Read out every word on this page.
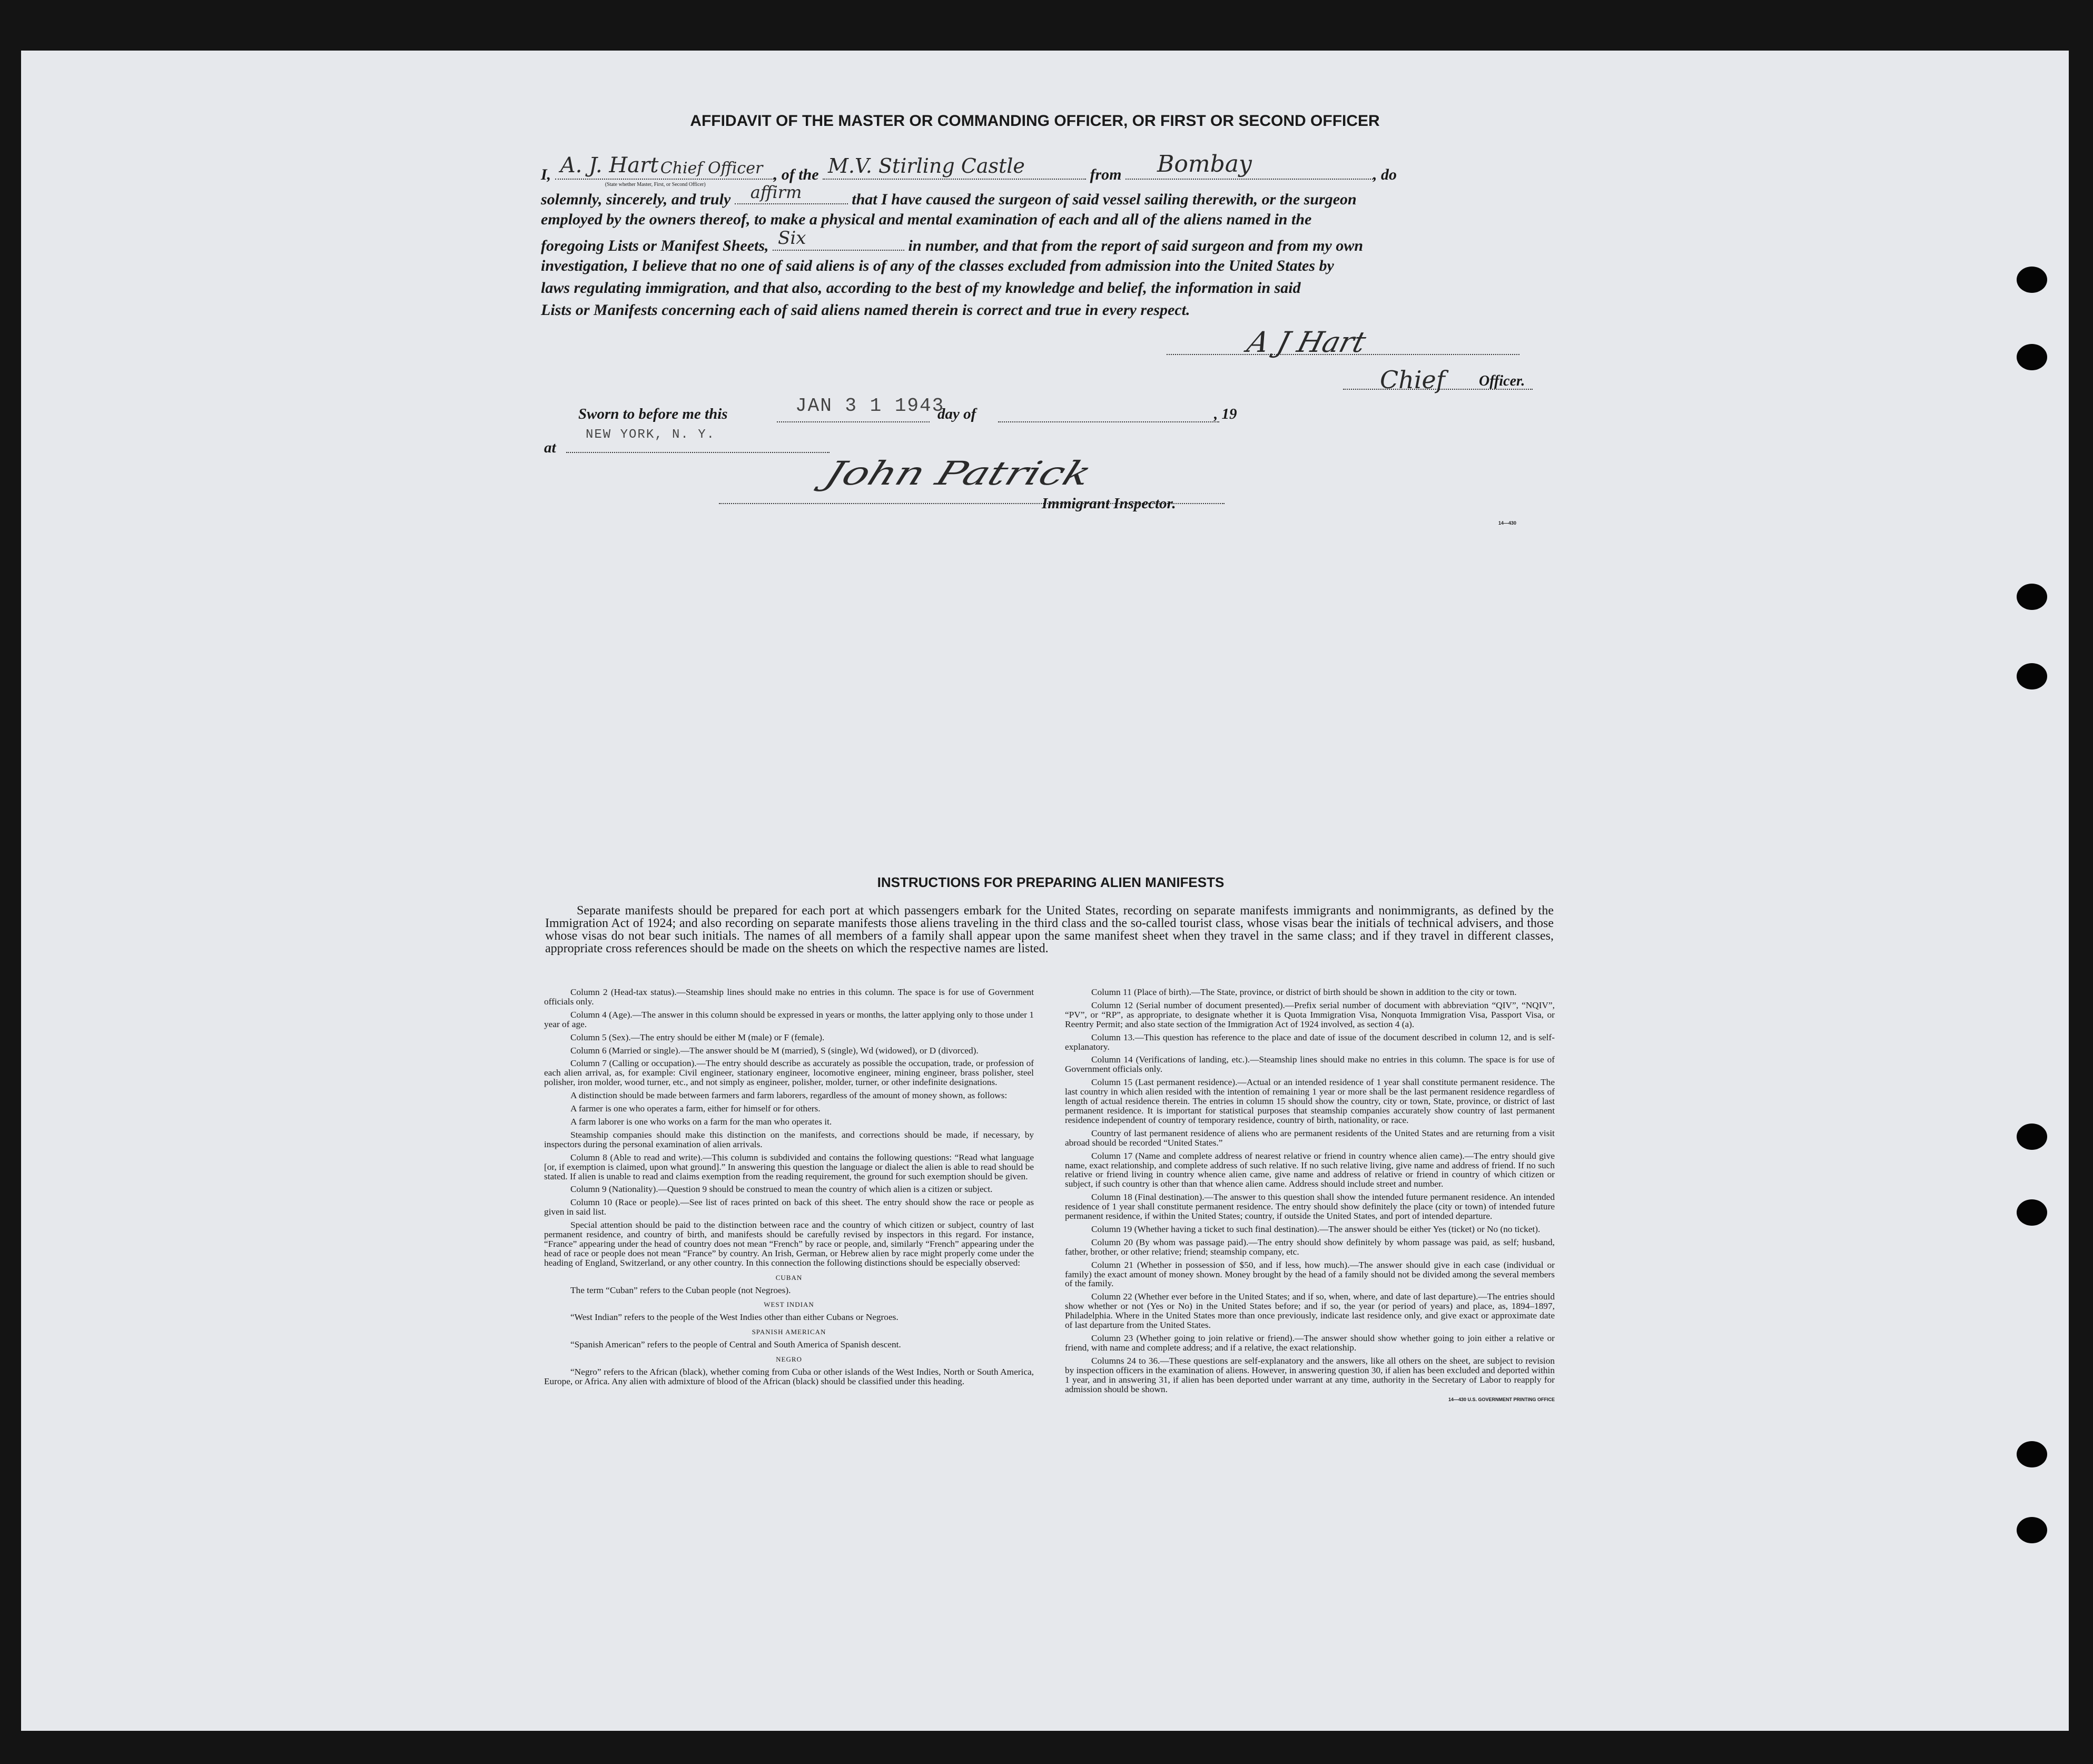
AFFIDAVIT OF THE MASTER OR COMMANDING OFFICER, OR FIRST OR SECOND OFFICER
I, A. J. Hart Chief Officer
(State whether Master, First, or Second Officer)
, of the M.V. Stirling Castle	from Bombay	, do
solemnly, sincerely, and truly affirm	that I have caused the surgeon of said vessel sailing therewith, or the surgeon
employed by the owners thereof, to make a physical and mental examination of each and all of the aliens named in the
foregoing Lists or Manifest Sheets, Six	in number, and that from the report of said surgeon and from my own
investigation, I believe that no one of said aliens is of any of the classes excluded from admission into the United States by
laws regulating immigration, and that also, according to the best of my knowledge and belief, the information in said
Lists or Manifests concerning each of said aliens named therein is correct and true in every respect.
A J Hart
Chief Officer.
Sworn to before me this	JAN 3 1 1943
day of	, 19
at
NEW YORK, N. Y.
John Patrick
Immigrant Inspector.
14—430
INSTRUCTIONS FOR PREPARING ALIEN MANIFESTS
Separate manifests should be prepared for each port at which passengers embark for the United States, recording on separate manifests immigrants and nonimmigrants, as defined by the Immigration Act of 1924; and also recording on separate manifests those aliens traveling in the third class and the so-called tourist class, whose visas bear the initials of technical advisers, and those whose visas do not bear such initials. The names of all members of a family shall appear upon the same manifest sheet when they travel in the same class; and if they travel in different classes, appropriate cross references should be made on the sheets on which the respective names are listed.

Column 2 (Head-tax status).—Steamship lines should make no entries in this column. The space is for use of Government officials only.

Column 4 (Age).—The answer in this column should be expressed in years or months, the latter applying only to those under 1 year of age.

Column 5 (Sex).—The entry should be either M (male) or F (female).

Column 6 (Married or single).—The answer should be M (married), S (single), Wd (widowed), or D (divorced).

Column 7 (Calling or occupation).—The entry should describe as accurately as possible the occupation, trade, or profession of each alien arrival, as, for example: Civil engineer, stationary engineer, locomotive engineer, mining engineer, brass polisher, steel polisher, iron molder, wood turner, etc., and not simply as engineer, polisher, molder, turner, or other indefinite designations.

A distinction should be made between farmers and farm laborers, regardless of the amount of money shown, as follows:

A farmer is one who operates a farm, either for himself or for others.

A farm laborer is one who works on a farm for the man who operates it.

Steamship companies should make this distinction on the manifests, and corrections should be made, if necessary, by inspectors during the personal examination of alien arrivals.

Column 8 (Able to read and write).—This column is subdivided and contains the following questions: “Read what language [or, if exemption is claimed, upon what ground].” In answering this question the language or dialect the alien is able to read should be stated. If alien is unable to read and claims exemption from the reading requirement, the ground for such exemption should be given.

Column 9 (Nationality).—Question 9 should be construed to mean the country of which alien is a citizen or subject.

Column 10 (Race or people).—See list of races printed on back of this sheet. The entry should show the race or people as given in said list.

Special attention should be paid to the distinction between race and the country of which citizen or subject, country of last permanent residence, and country of birth, and manifests should be carefully revised by inspectors in this regard. For instance, “France” appearing under the head of country does not mean “French” by race or people, and, similarly “French” appearing under the head of race or people does not mean “France” by country. An Irish, German, or Hebrew alien by race might properly come under the heading of England, Switzerland, or any other country. In this connection the following distinctions should be especially observed:

CUBAN

The term “Cuban” refers to the Cuban people (not Negroes).

WEST INDIAN

“West Indian” refers to the people of the West Indies other than either Cubans or Negroes.

SPANISH AMERICAN

“Spanish American” refers to the people of Central and South America of Spanish descent.

NEGRO

“Negro” refers to the African (black), whether coming from Cuba or other islands of the West Indies, North or South America, Europe, or Africa. Any alien with admixture of blood of the African (black) should be classified under this heading.

Column 11 (Place of birth).—The State, province, or district of birth should be shown in addition to the city or town.

Column 12 (Serial number of document presented).—Prefix serial number of document with abbreviation “QIV”, “NQIV”, “PV”, or “RP”, as appropriate, to designate whether it is Quota Immigration Visa, Nonquota Immigration Visa, Passport Visa, or Reentry Permit; and also state section of the Immigration Act of 1924 involved, as section 4 (a).

Column 13.—This question has reference to the place and date of issue of the document described in column 12, and is self-explanatory.

Column 14 (Verifications of landing, etc.).—Steamship lines should make no entries in this column. The space is for use of Government officials only.

Column 15 (Last permanent residence).—Actual or an intended residence of 1 year shall constitute permanent residence. The last country in which alien resided with the intention of remaining 1 year or more shall be the last permanent residence regardless of length of actual residence therein. The entries in column 15 should show the country, city or town, State, province, or district of last permanent residence. It is important for statistical purposes that steamship companies accurately show country of last permanent residence independent of country of temporary residence, country of birth, nationality, or race.

Country of last permanent residence of aliens who are permanent residents of the United States and are returning from a visit abroad should be recorded “United States.”

Column 17 (Name and complete address of nearest relative or friend in country whence alien came).—The entry should give name, exact relationship, and complete address of such relative. If no such relative living, give name and address of friend. If no such relative or friend living in country whence alien came, give name and address of relative or friend in country of which citizen or subject, if such country is other than that whence alien came. Address should include street and number.

Column 18 (Final destination).—The answer to this question shall show the intended future permanent residence. An intended residence of 1 year shall constitute permanent residence. The entry should show definitely the place (city or town) of intended future permanent residence, if within the United States; country, if outside the United States, and port of intended departure.

Column 19 (Whether having a ticket to such final destination).—The answer should be either Yes (ticket) or No (no ticket).

Column 20 (By whom was passage paid).—The entry should show definitely by whom passage was paid, as self; husband, father, brother, or other relative; friend; steamship company, etc.

Column 21 (Whether in possession of $50, and if less, how much).—The answer should give in each case (individual or family) the exact amount of money shown. Money brought by the head of a family should not be divided among the several members of the family.

Column 22 (Whether ever before in the United States; and if so, when, where, and date of last departure).—The entries should show whether or not (Yes or No) in the United States before; and if so, the year (or period of years) and place, as, 1894–1897, Philadelphia. Where in the United States more than once previously, indicate last residence only, and give exact or approximate date of last departure from the United States.

Column 23 (Whether going to join relative or friend).—The answer should show whether going to join either a relative or friend, with name and complete address; and if a relative, the exact relationship.

Columns 24 to 36.—These questions are self-explanatory and the answers, like all others on the sheet, are subject to revision by inspection officers in the examination of aliens. However, in answering question 30, if alien has been excluded and deported within 1 year, and in answering 31, if alien has been deported under warrant at any time, authority in the Secretary of Labor to reapply for admission should be shown.

14—430 U.S. GOVERNMENT PRINTING OFFICE
